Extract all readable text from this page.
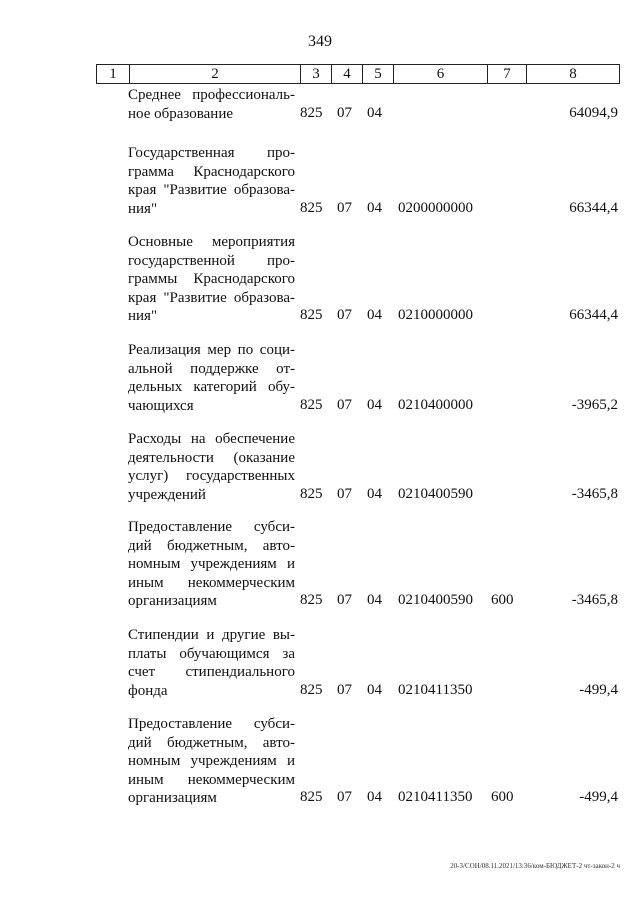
349
1	2	3	4	5	6	7	8
Среднее профессиональ-
ное образование	825 07 04	64094,9
Государственная про-
грамма Краснодарского
края "Развитие образова-
ния"	825 07 04 0200000000	66344,4
Основные мероприятия
государственной про-
граммы Краснодарского
края "Развитие образова-
ния"	825 07 04 0210000000	66344,4
Реализация мер по соци-
альной поддержке от-
дельных категорий обу-
чающихся	825 07 04 0210400000	-3965,2
Расходы на обеспечение
деятельности (оказание
услуг) государственных
учреждений	825 07 04 0210400590	-3465,8
Предоставление субси-
дий бюджетным, авто-
номным учреждениям и
иным некоммерческим
организациям	825 07 04 0210400590 600	-3465,8
Стипендии и другие вы-
платы обучающимся за
счет стипендиального
фонда	825 07 04 0210411350	-499,4
Предоставление субси-
дий бюджетным, авто-
номным учреждениям и
иным некоммерческим
организациям	825 07 04 0210411350 600	-499,4
20-3/СОН/08.11.2021/13:36/ком-БЮДЖЕТ-2 чт-закон-2 ч
